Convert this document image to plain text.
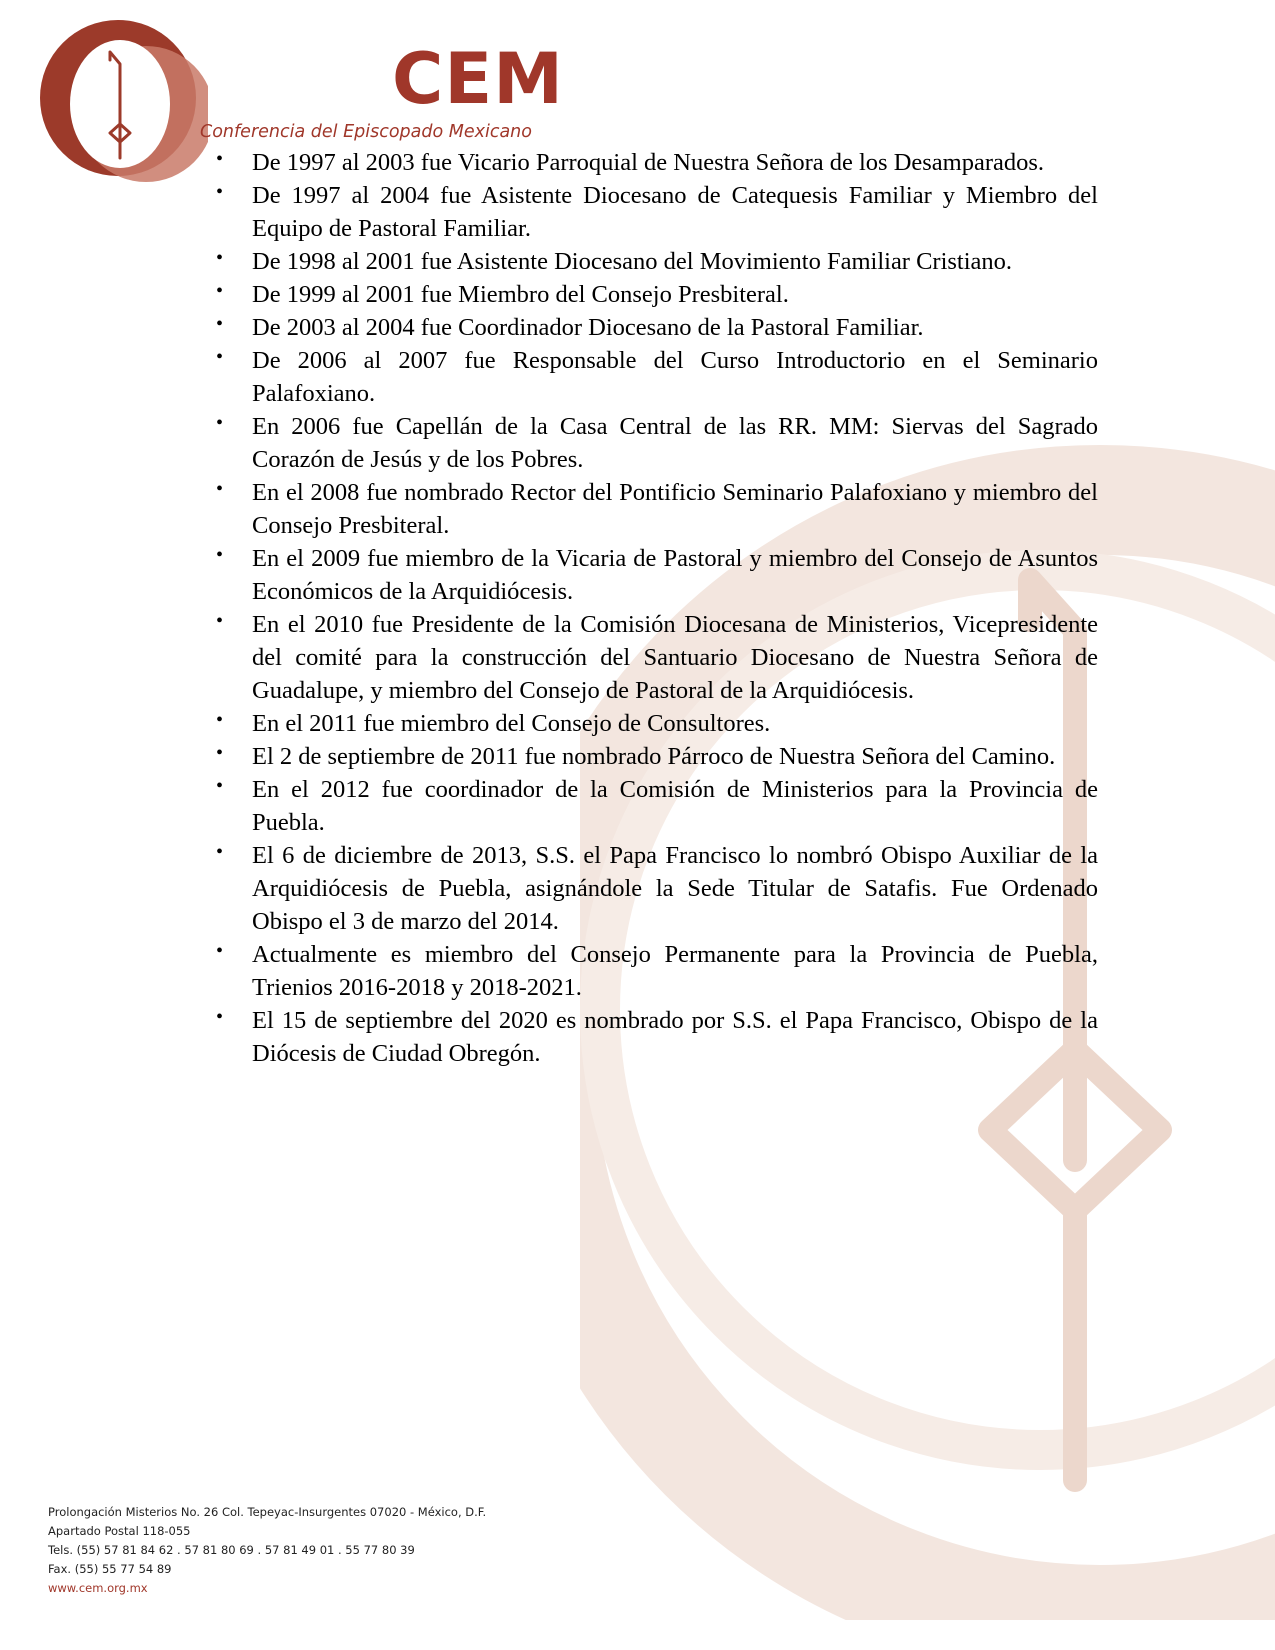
CEM
Conferencia del Episcopado Mexicano
• De 1997 al 2003 fue Vicario Parroquial de Nuestra Señora de los Desamparados.
• De 1997 al 2004 fue Asistente Diocesano de Catequesis Familiar y Miembro del Equipo de Pastoral Familiar.
• De 1998 al 2001 fue Asistente Diocesano del Movimiento Familiar Cristiano.
• De 1999 al 2001 fue Miembro del Consejo Presbiteral.
• De 2003 al 2004 fue Coordinador Diocesano de la Pastoral Familiar.
• De 2006 al 2007 fue Responsable del Curso Introductorio en el Seminario Palafoxiano.
• En 2006 fue Capellán de la Casa Central de las RR. MM: Siervas del Sagrado Corazón de Jesús y de los Pobres.
• En el 2008 fue nombrado Rector del Pontificio Seminario Palafoxiano y miembro del Consejo Presbiteral.
• En el 2009 fue miembro de la Vicaria de Pastoral y miembro del Consejo de Asuntos Económicos de la Arquidiócesis.
• En el 2010 fue Presidente de la Comisión Diocesana de Ministerios, Vicepresidente del comité para la construcción del Santuario Diocesano de Nuestra Señora de Guadalupe, y miembro del Consejo de Pastoral de la Arquidiócesis.
• En el 2011 fue miembro del Consejo de Consultores.
• El 2 de septiembre de 2011 fue nombrado Párroco de Nuestra Señora del Camino.
• En el 2012 fue coordinador de la Comisión de Ministerios para la Provincia de Puebla.
• El 6 de diciembre de 2013, S.S. el Papa Francisco lo nombró Obispo Auxiliar de la Arquidiócesis de Puebla, asignándole la Sede Titular de Satafis. Fue Ordenado Obispo el 3 de marzo del 2014.
• Actualmente es miembro del Consejo Permanente para la Provincia de Puebla, Trienios 2016-2018 y 2018-2021.
• El 15 de septiembre del 2020 es nombrado por S.S. el Papa Francisco, Obispo de la Diócesis de Ciudad Obregón.
Prolongación Misterios No. 26 Col. Tepeyac-Insurgentes 07020 - México, D.F.
Apartado Postal 118-055
Tels. (55) 57 81 84 62 . 57 81 80 69 . 57 81 49 01 . 55 77 80 39
Fax. (55) 55 77 54 89
www.cem.org.mx
